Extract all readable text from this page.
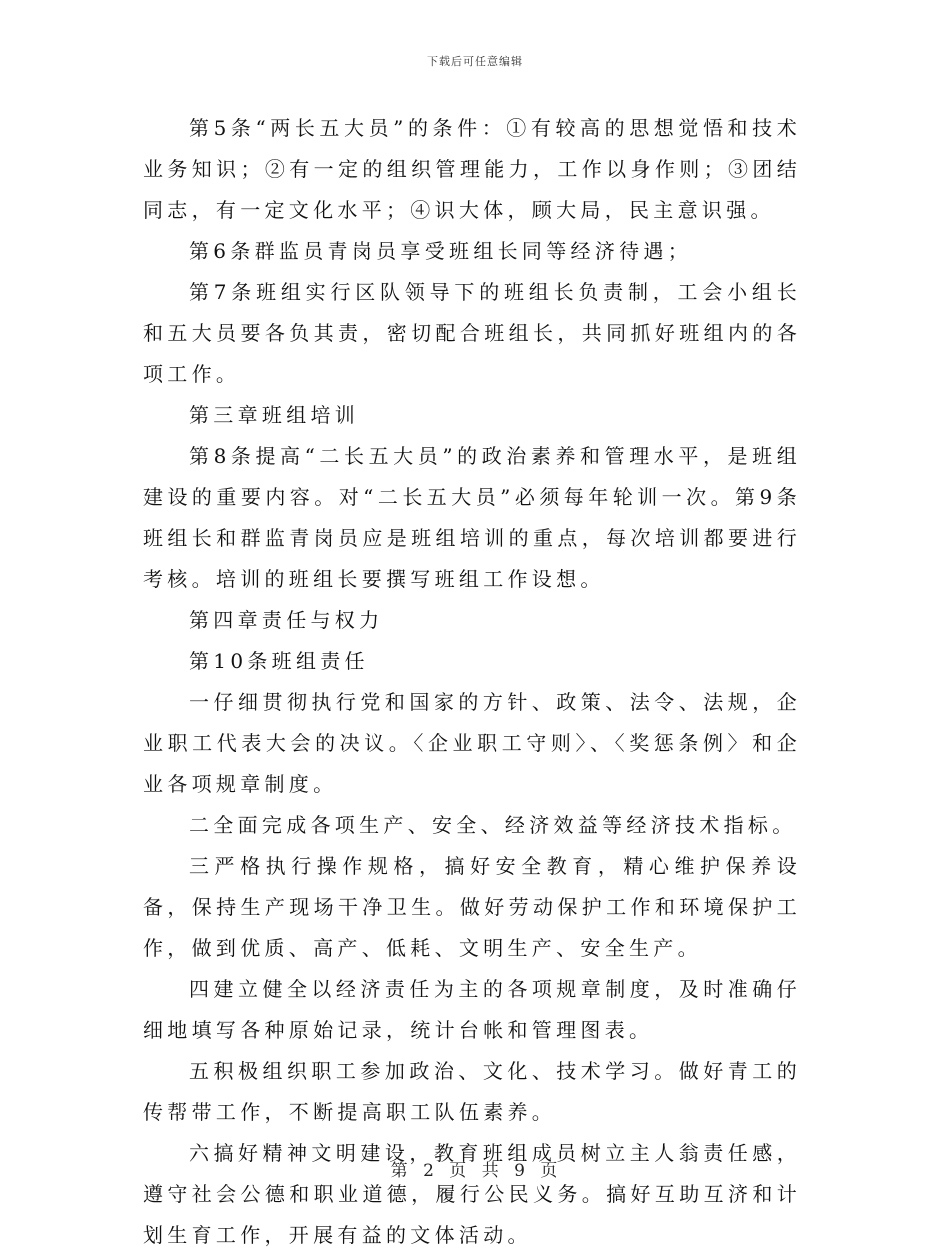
下载后可任意编辑

第5条“两长五大员”的条件：①有较高的思想觉悟和技术业务知识；②有一定的组织管理能力，工作以身作则；③团结同志，有一定文化水平；④识大体，顾大局，民主意识强。

第6条群监员青岗员享受班组长同等经济待遇；

第7条班组实行区队领导下的班组长负责制，工会小组长和五大员要各负其责，密切配合班组长，共同抓好班组内的各项工作。

第三章班组培训

第8条提高“二长五大员”的政治素养和管理水平，是班组建设的重要内容。对“二长五大员”必须每年轮训一次。第9条班组长和群监青岗员应是班组培训的重点，每次培训都要进行考核。培训的班组长要撰写班组工作设想。

第四章责任与权力

第10条班组责任

一仔细贯彻执行党和国家的方针、政策、法令、法规，企业职工代表大会的决议。〈企业职工守则〉、〈奖惩条例〉和企业各项规章制度。

二全面完成各项生产、安全、经济效益等经济技术指标。

三严格执行操作规格，搞好安全教育，精心维护保养设备，保持生产现场干净卫生。做好劳动保护工作和环境保护工作，做到优质、高产、低耗、文明生产、安全生产。

四建立健全以经济责任为主的各项规章制度，及时准确仔细地填写各种原始记录，统计台帐和管理图表。

五积极组织职工参加政治、文化、技术学习。做好青工的传帮带工作，不断提高职工队伍素养。

六搞好精神文明建设，教育班组成员树立主人翁责任感，遵守社会公德和职业道德，履行公民义务。搞好互助互济和计划生育工作，开展有益的文体活动。

第 2 页 共 9 页
